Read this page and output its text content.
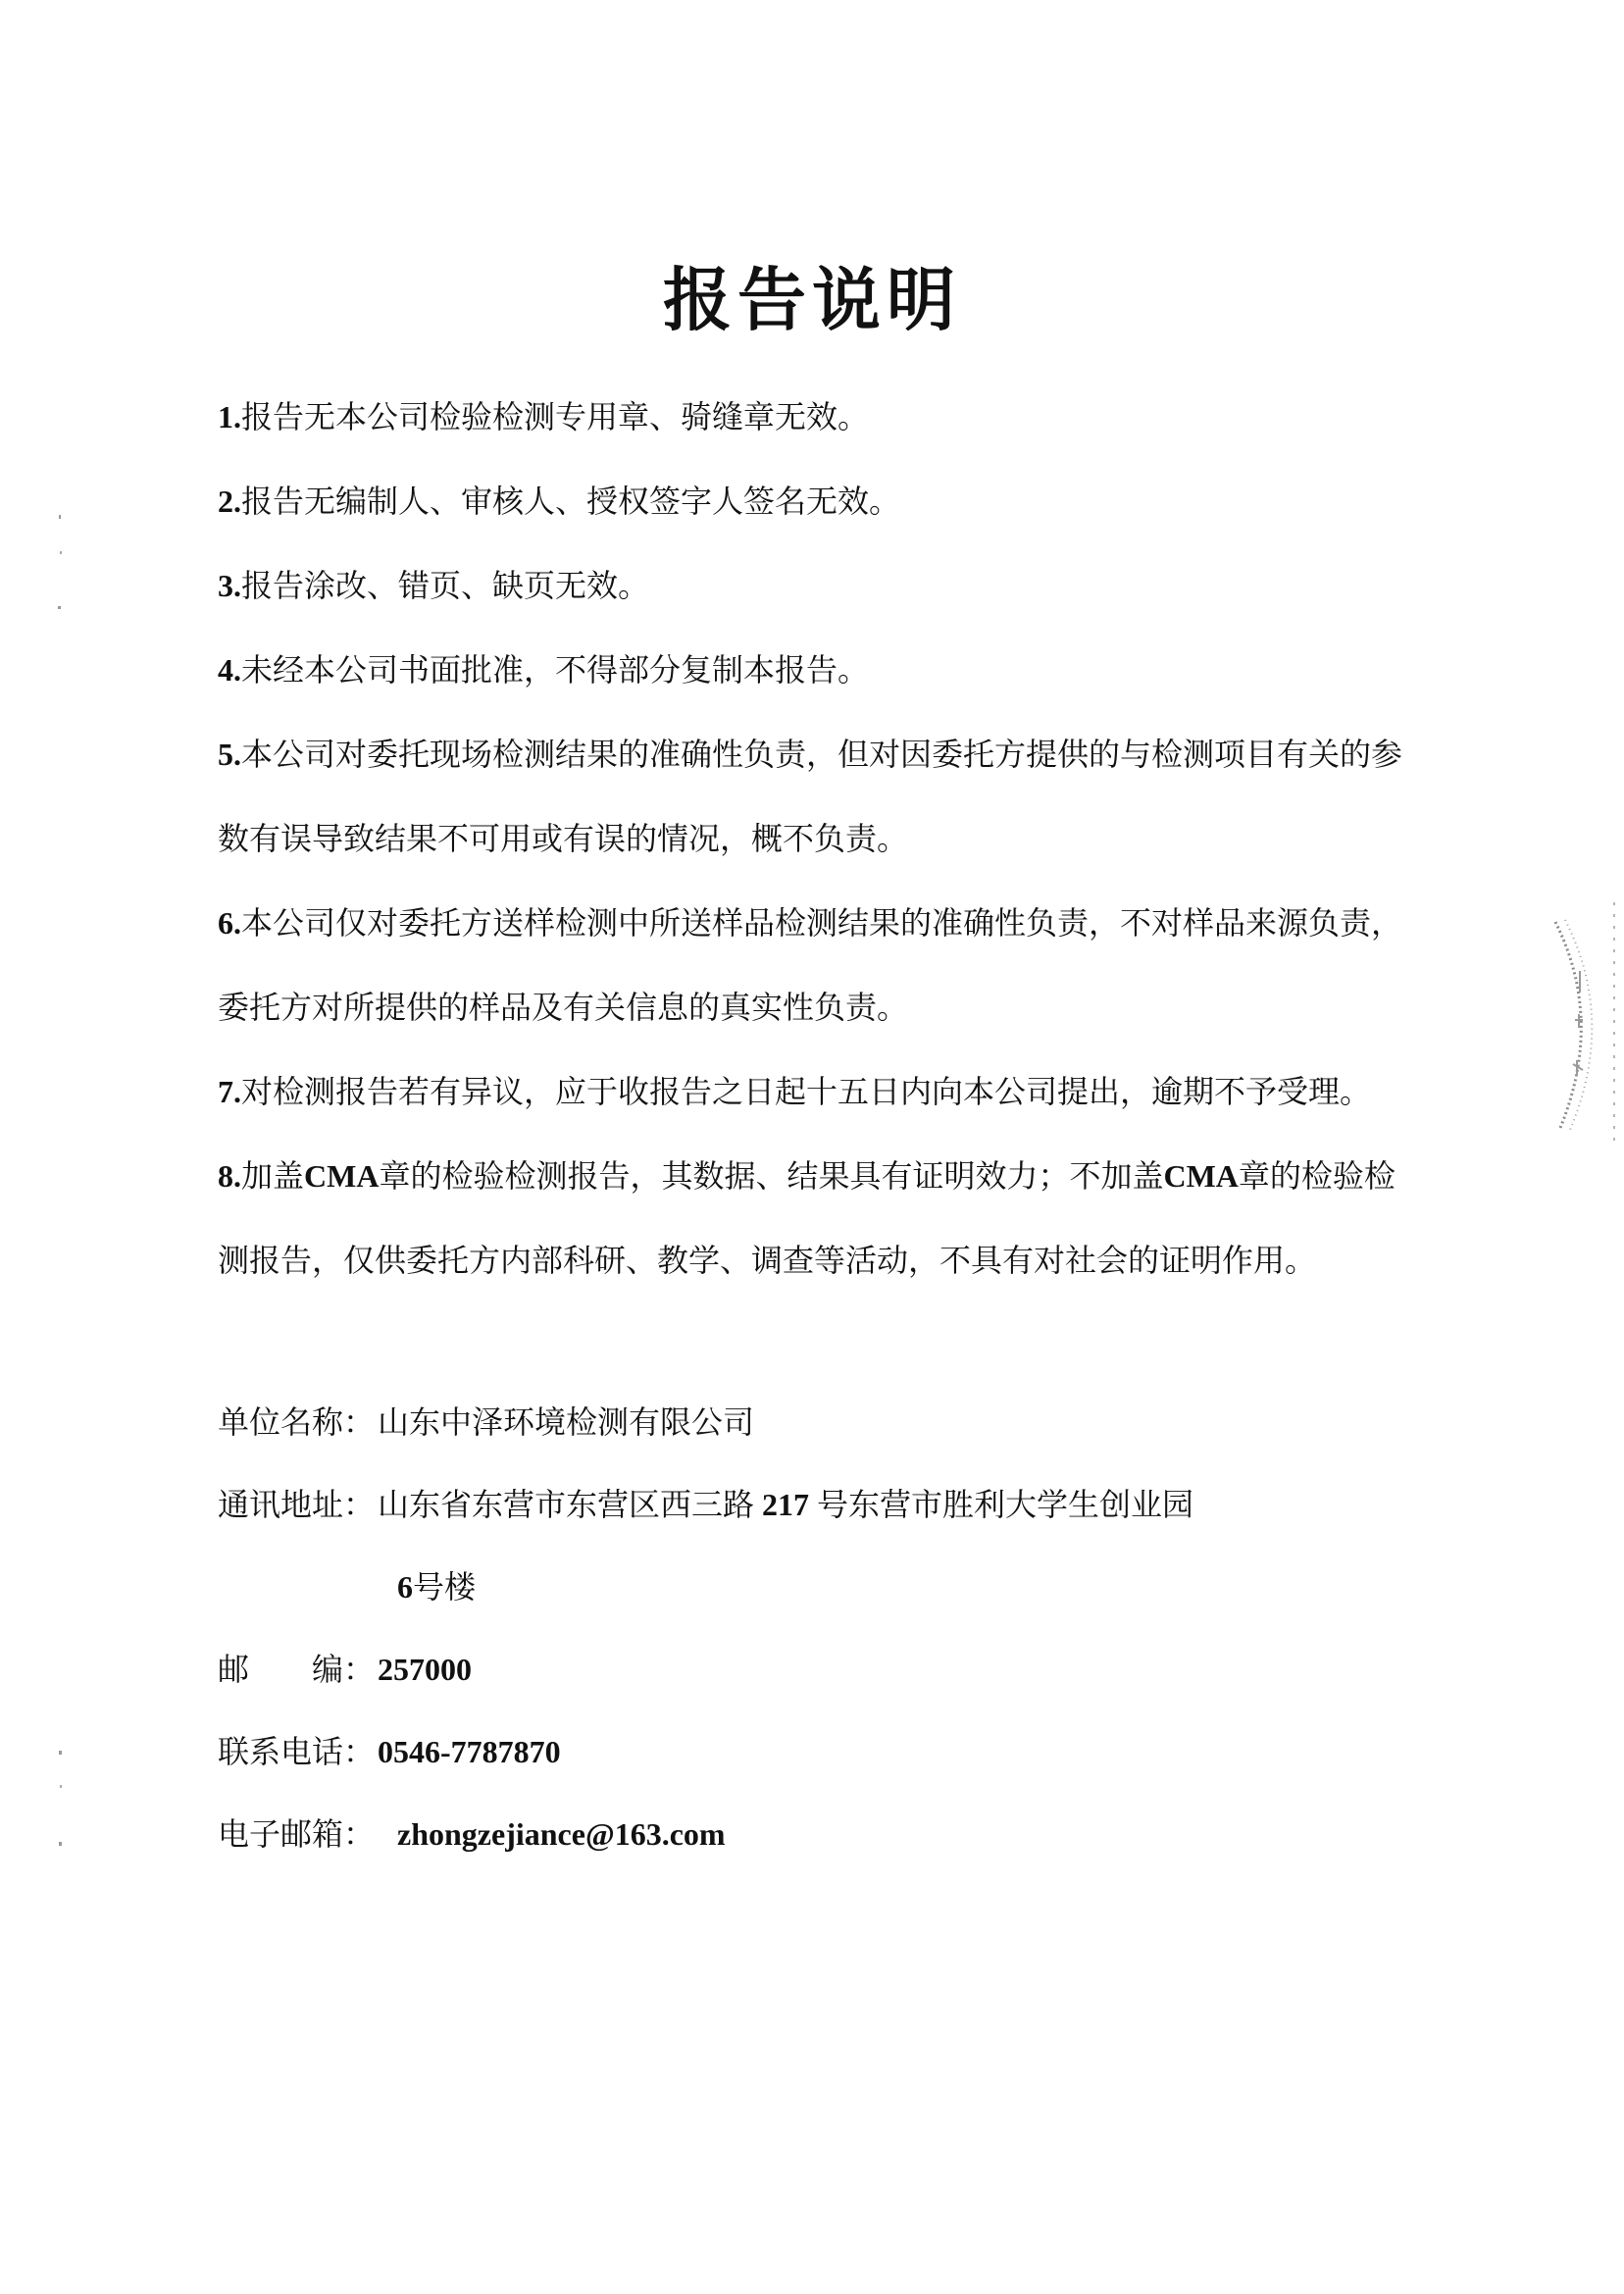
报告说明

1.报告无本公司检验检测专用章、骑缝章无效。

2.报告无编制人、审核人、授权签字人签名无效。

3.报告涂改、错页、缺页无效。

4.未经本公司书面批准，不得部分复制本报告。

5.本公司对委托现场检测结果的准确性负责，但对因委托方提供的与检测项目有关的参

数有误导致结果不可用或有误的情况，概不负责。

6.本公司仅对委托方送样检测中所送样品检测结果的准确性负责，不对样品来源负责，

委托方对所提供的样品及有关信息的真实性负责。

7.对检测报告若有异议，应于收报告之日起十五日内向本公司提出，逾期不予受理。

8.加盖CMA章的检验检测报告，其数据、结果具有证明效力；不加盖CMA章的检验检

测报告，仅供委托方内部科研、教学、调查等活动，不具有对社会的证明作用。

单位名称： 山东中泽环境检测有限公司
通讯地址： 山东省东营市东营区西三路 217 号东营市胜利大学生创业园
6 号楼
邮　　编： 257000
联系电话： 0546-7787870
电子邮箱： zhongzejiance@163.com
